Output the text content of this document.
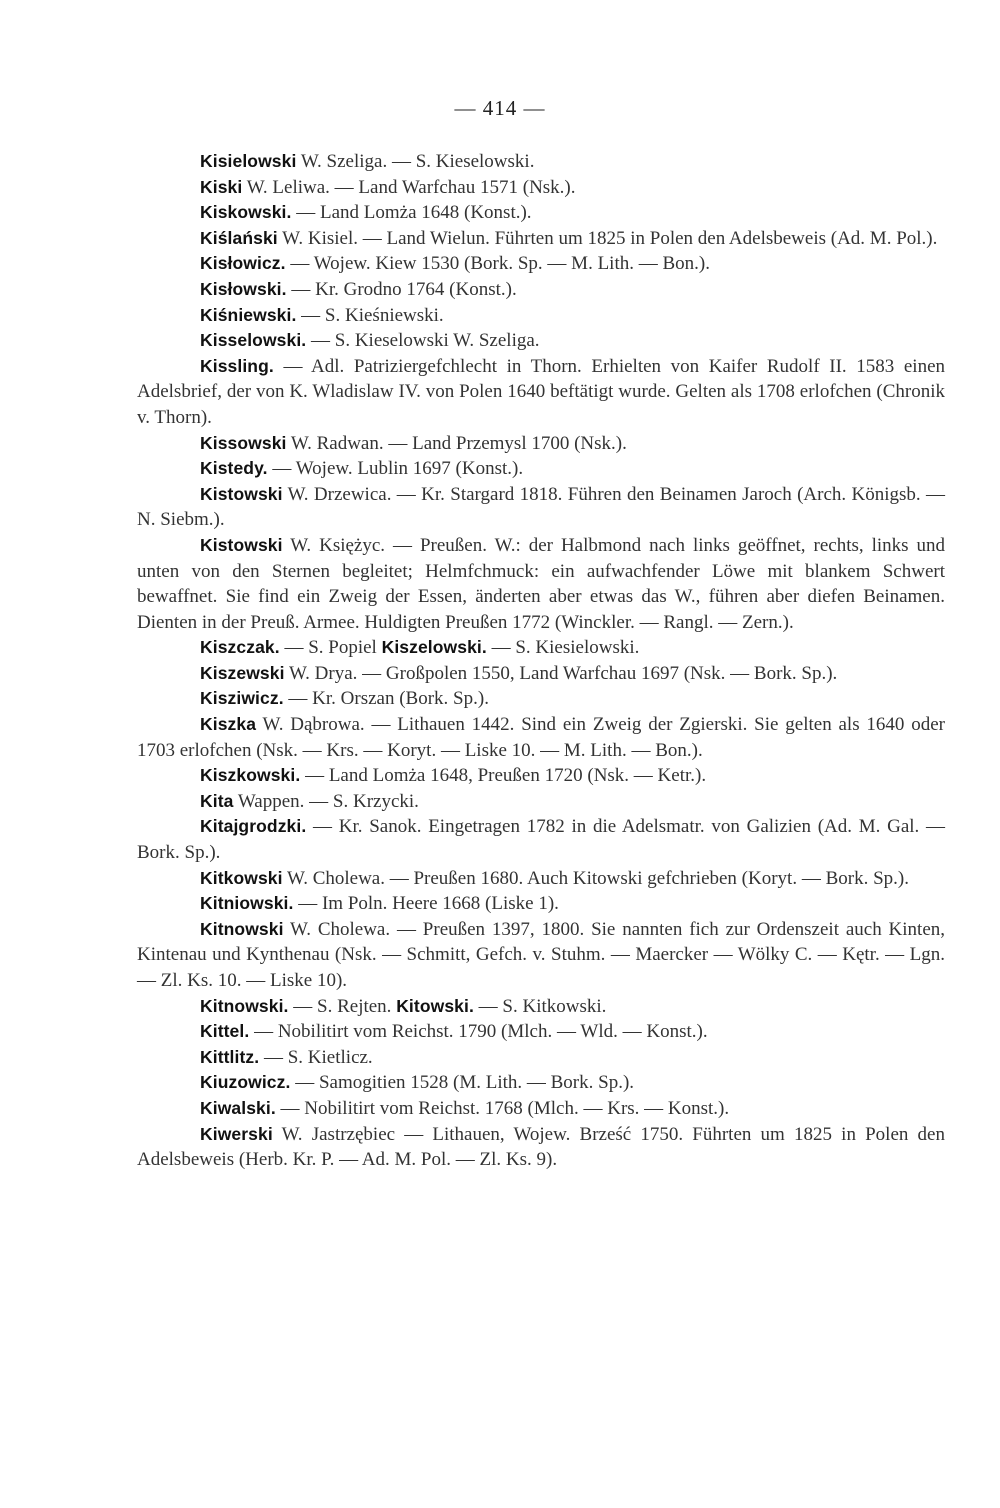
— 414 —

Kisielowski W. Szeliga. — S. Kieselowski.

Kiski W. Leliwa. — Land Warfchau 1571 (Nsk.).

Kiskowski. — Land Lomża 1648 (Konst.).

Kiślański W. Kisiel. — Land Wielun. Führten um 1825 in Polen den Adelsbeweis (Ad. M. Pol.).

Kisłowicz. — Wojew. Kiew 1530 (Bork. Sp. — M. Lith. — Bon.).

Kisłowski. — Kr. Grodno 1764 (Konst.).

Kiśniewski. — S. Kieśniewski.

Kisselowski. — S. Kieselowski W. Szeliga.

Kissling. — Adl. Patriziergefchlecht in Thorn. Erhielten von Kaifer Rudolf II. 1583 einen Adelsbrief, der von K. Wladislaw IV. von Polen 1640 beftätigt wurde. Gelten als 1708 erlofchen (Chronik v. Thorn).

Kissowski W. Radwan. — Land Przemysl 1700 (Nsk.).

Kistedy. — Wojew. Lublin 1697 (Konst.).

Kistowski W. Drzewica. — Kr. Stargard 1818. Führen den Beinamen Jaroch (Arch. Königsb. — N. Siebm.).

Kistowski W. Księżyc. — Preußen. W.: der Halbmond nach links geöffnet, rechts, links und unten von den Sternen begleitet; Helmfchmuck: ein aufwachfender Löwe mit blankem Schwert bewaffnet. Sie find ein Zweig der Essen, änderten aber etwas das W., führen aber diefen Beinamen. Dienten in der Preuß. Armee. Huldigten Preußen 1772 (Winckler. — Rangl. — Zern.).

Kiszczak. — S. Popiel Kiszelowski. — S. Kiesielowski.

Kiszewski W. Drya. — Großpolen 1550, Land Warfchau 1697 (Nsk. — Bork. Sp.).

Kisziwicz. — Kr. Orszan (Bork. Sp.).

Kiszka W. Dąbrowa. — Lithauen 1442. Sind ein Zweig der Zgierski. Sie gelten als 1640 oder 1703 erlofchen (Nsk. — Krs. — Koryt. — Liske 10. — M. Lith. — Bon.).

Kiszkowski. — Land Lomża 1648, Preußen 1720 (Nsk. — Ketr.).

Kita Wappen. — S. Krzycki.

Kitajgrodzki. — Kr. Sanok. Eingetragen 1782 in die Adelsmatr. von Galizien (Ad. M. Gal. — Bork. Sp.).

Kitkowski W. Cholewa. — Preußen 1680. Auch Kitowski gefchrieben (Koryt. — Bork. Sp.).

Kitniowski. — Im Poln. Heere 1668 (Liske 1).

Kitnowski W. Cholewa. — Preußen 1397, 1800. Sie nannten fich zur Ordenszeit auch Kinten, Kintenau und Kynthenau (Nsk. — Schmitt, Gefch. v. Stuhm. — Maercker — Wölky C. — Kętr. — Lgn. — Zl. Ks. 10. — Liske 10).

Kitnowski. — S. Rejten. Kitowski. — S. Kitkowski.

Kittel. — Nobilitirt vom Reichst. 1790 (Mlch. — Wld. — Konst.).

Kittlitz. — S. Kietlicz.

Kiuzowicz. — Samogitien 1528 (M. Lith. — Bork. Sp.).

Kiwalski. — Nobilitirt vom Reichst. 1768 (Mlch. — Krs. — Konst.).

Kiwerski W. Jastrzębiec — Lithauen, Wojew. Brześć 1750. Führten um 1825 in Polen den Adelsbeweis (Herb. Kr. P. — Ad. M. Pol. — Zl. Ks. 9).
